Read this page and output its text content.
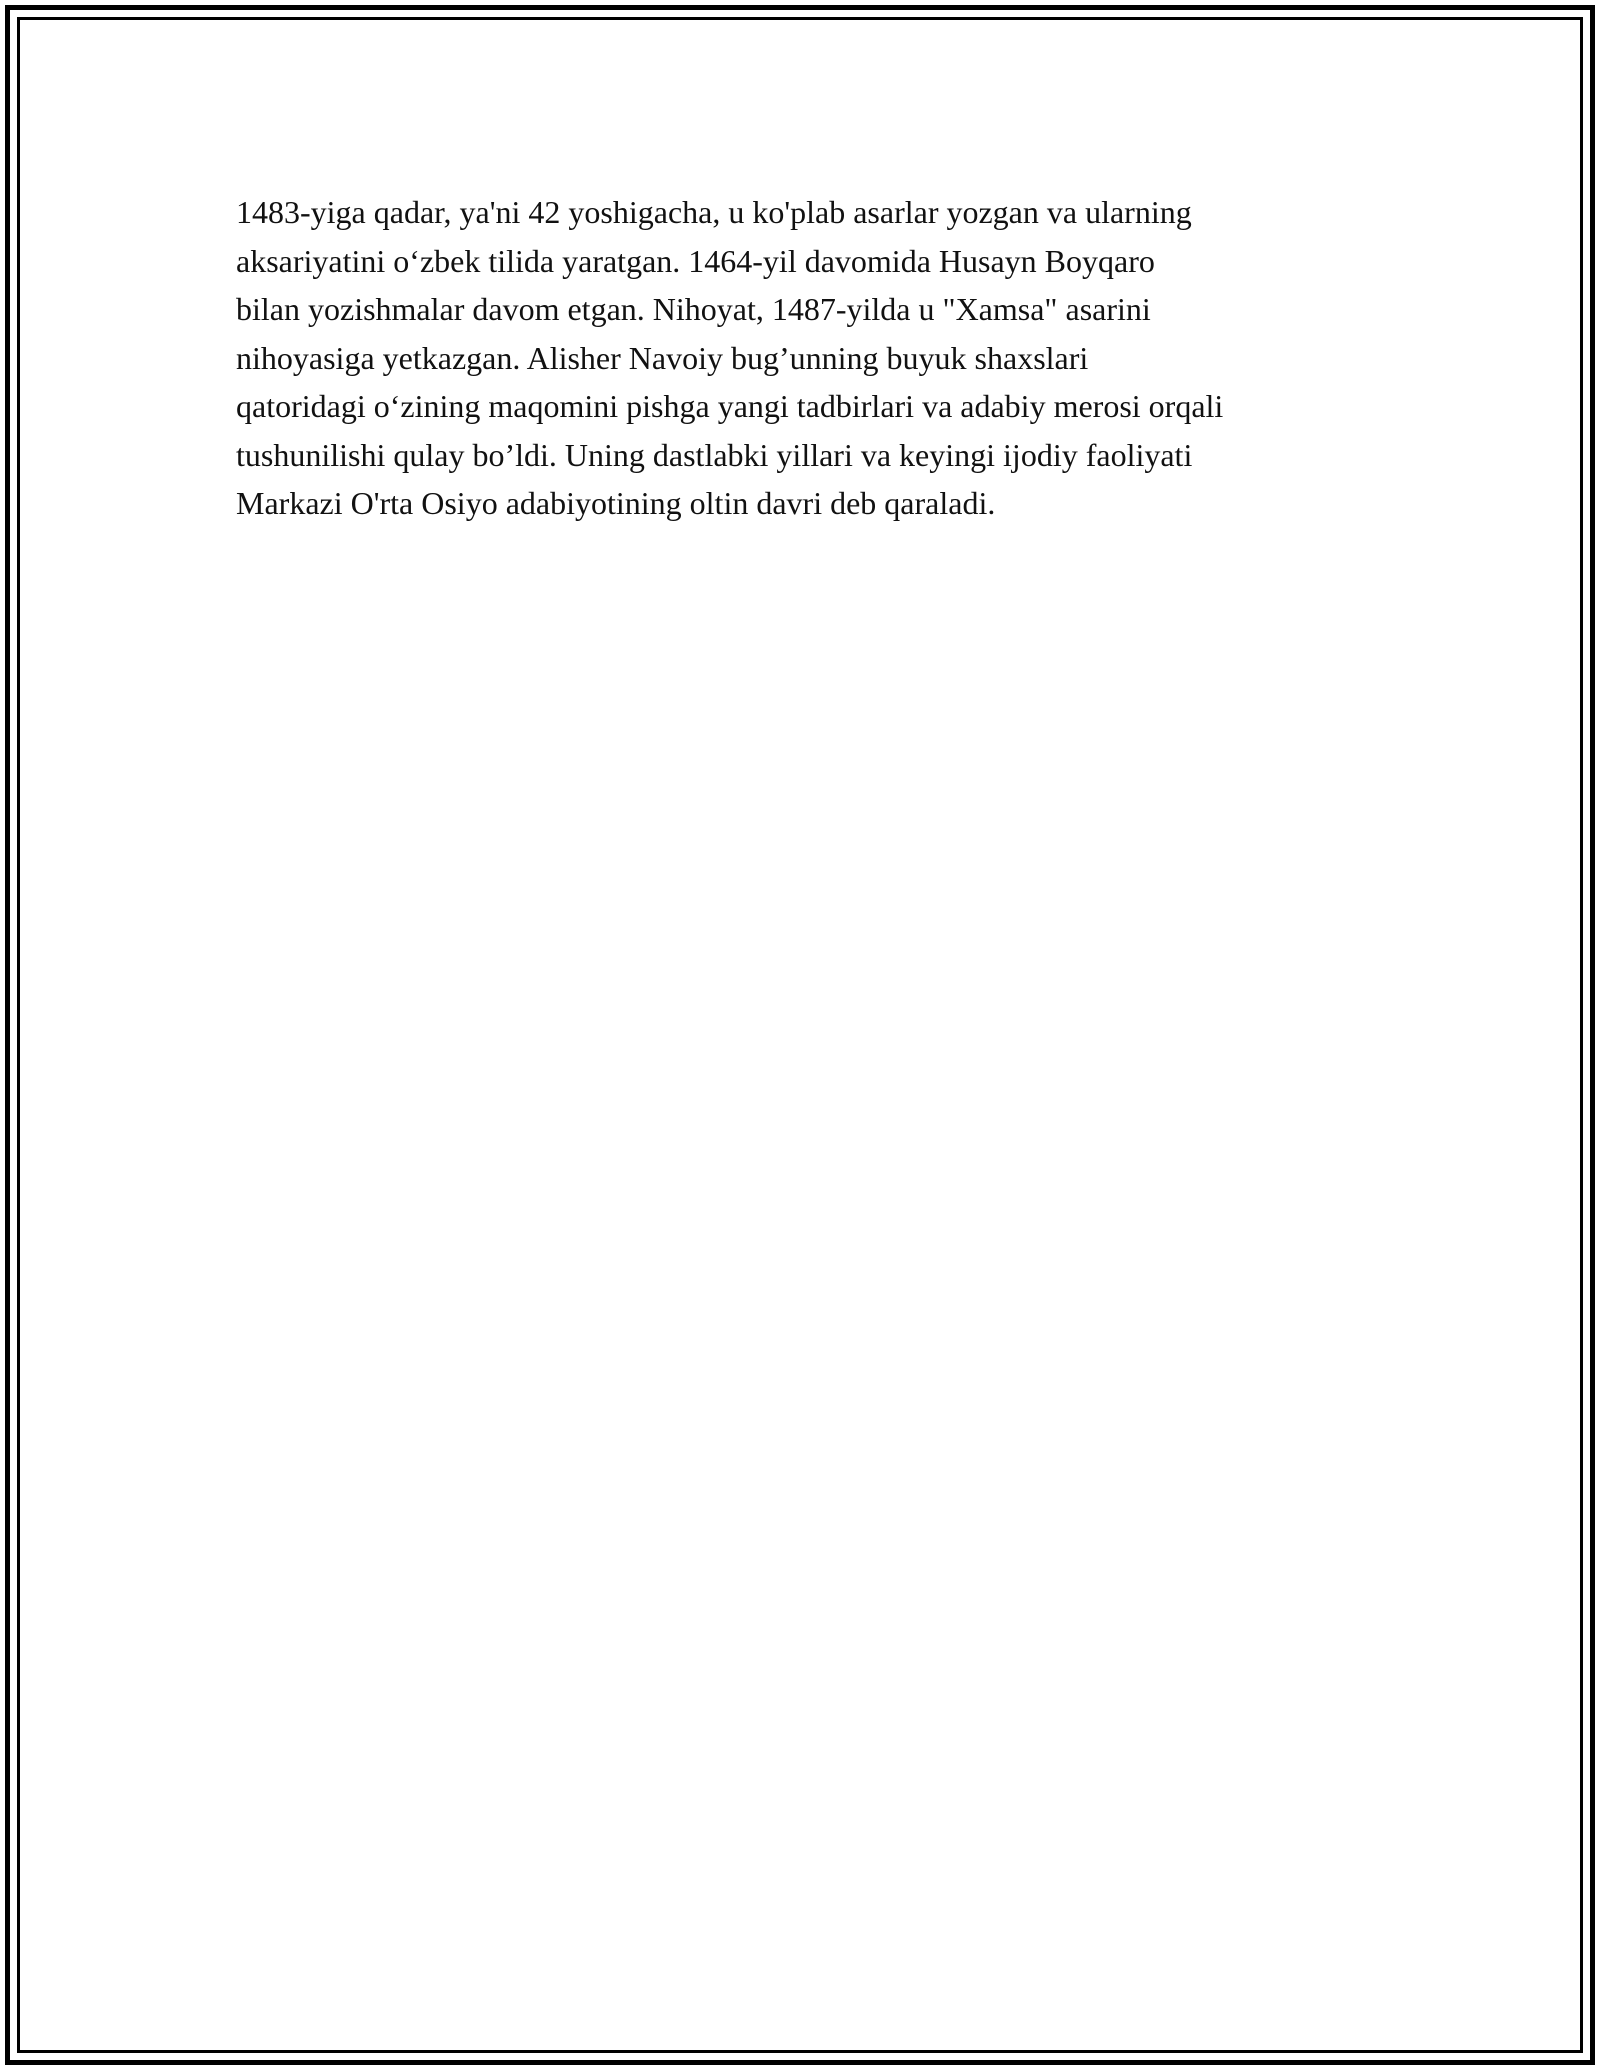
1483-yiga qadar, ya'ni 42 yoshigacha, u ko'plab asarlar yozgan va ularning
aksariyatini o‘zbek tilida yaratgan. 1464-yil davomida Husayn Boyqaro
bilan yozishmalar davom etgan. Nihoyat, 1487-yilda u "Xamsa" asarini
nihoyasiga yetkazgan. Alisher Navoiy bug’unning buyuk shaxslari
qatoridagi o‘zining maqomini pishga yangi tadbirlari va adabiy merosi orqali
tushunilishi qulay bo’ldi. Uning dastlabki yillari va keyingi ijodiy faoliyati
Markazi O'rta Osiyo adabiyotining oltin davri deb qaraladi.
